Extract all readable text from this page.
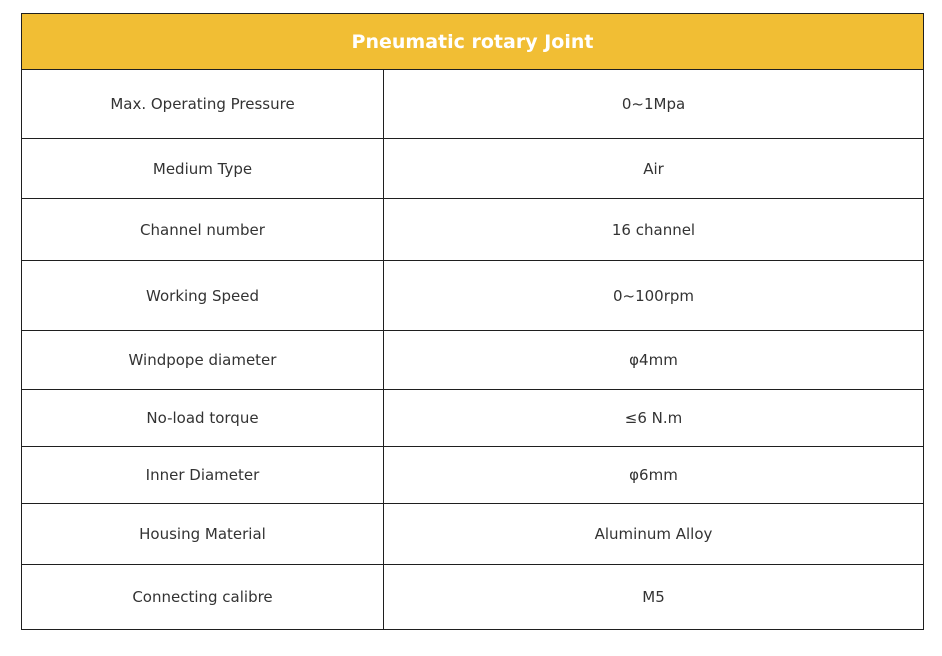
Pneumatic rotary Joint	
Max. Operating Pressure	0~1Mpa
Medium Type	Air
Channel number	16 channel
Working Speed	0~100rpm
Windpope diameter	φ4mm
No-load torque	≤6 N.m
Inner Diameter	φ6mm
Housing Material	Aluminum Alloy
Connecting calibre	M5
